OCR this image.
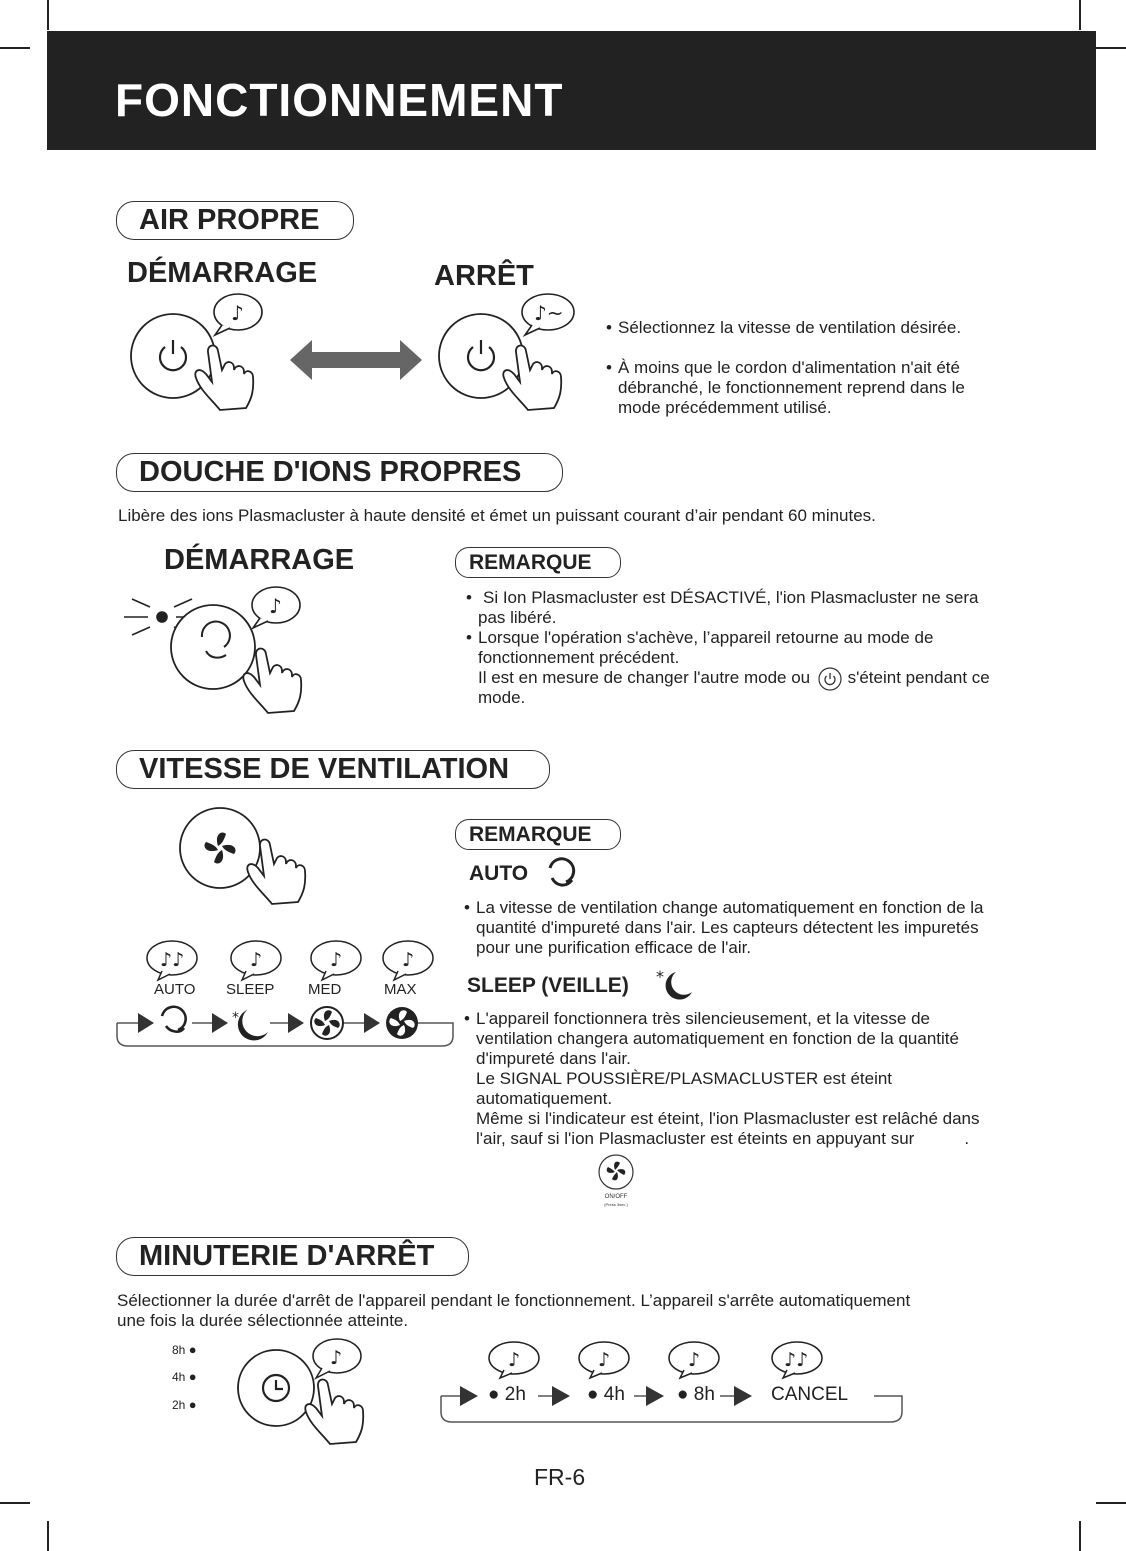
FONCTIONNEMENT
AIR PROPRE
DÉMARRAGE	ARRÊT
♪	♪~
• Sélectionnez la vitesse de ventilation désirée.
• À moins que le cordon d'alimentation n'ait été débranché, le fonctionnement reprend dans le mode précédemment utilisé.
DOUCHE D'IONS PROPRES
Libère des ions Plasmacluster à haute densité et émet un puissant courant d’air pendant 60 minutes.
DÉMARRAGE
♪
REMARQUE
• Si Ion Plasmacluster est DÉSACTIVÉ, l'ion Plasmacluster ne sera pas libéré.
• Lorsque l'opération s'achève, l’appareil retourne au mode de fonctionnement précédent.
Il est en mesure de changer l'autre mode ou s'éteint pendant ce mode.
VITESSE DE VENTILATION
♪♪	♪	♪	♪
AUTO SLEEP MED	MAX
*
REMARQUE
AUTO
• La vitesse de ventilation change automatiquement en fonction de la quantité d'impureté dans l'air. Les capteurs détectent les impuretés pour une purification efficace de l'air.
SLEEP (VEILLE) *
• L'appareil fonctionnera très silencieusement, et la vitesse de ventilation changera automatiquement en fonction de la quantité d'impureté dans l'air.
Le SIGNAL POUSSIÈRE/PLASMACLUSTER est éteint automatiquement.
Même si l'indicateur est éteint, l'ion Plasmacluster est relâché dans l'air, sauf si l'ion Plasmacluster est éteints en appuyant sur	.
ON/OFF
(Press 3sec.)
MINUTERIE D'ARRÊT
Sélectionner la durée d'arrêt de l'appareil pendant le fonctionnement. L’appareil s'arrête automatiquement une fois la durée sélectionnée atteinte.
8h ●
4h ●
2h ●
♪	♪	♪	♪	♪♪
● 2h	● 4h	● 8h	CANCEL
FR-6
